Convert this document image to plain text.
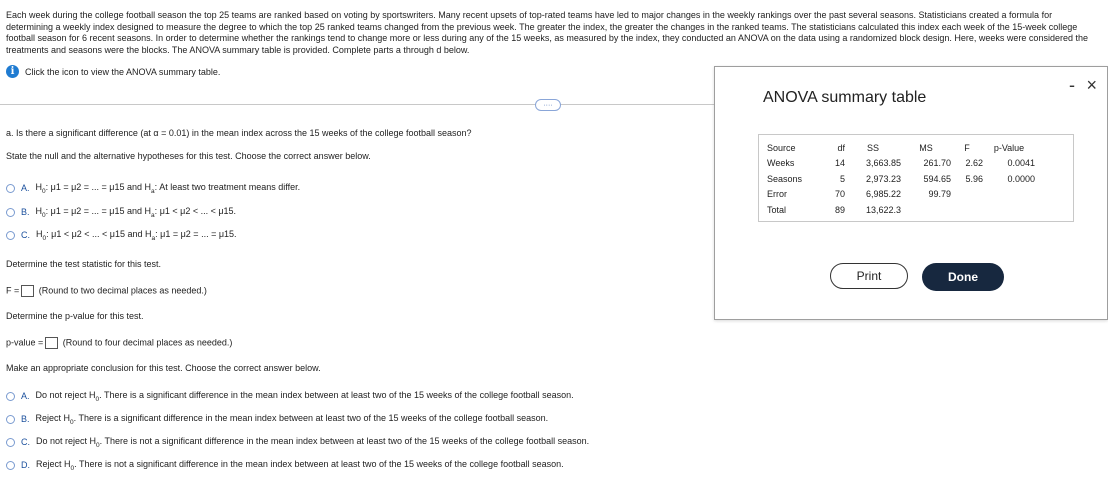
Each week during the college football season the top 25 teams are ranked based on voting by sportswriters. Many recent upsets of top-rated teams have led to major changes in the weekly rankings over the past several seasons. Statisticians created a formula for determining a weekly index designed to measure the degree to which the top 25 ranked teams changed from the previous week. The greater the index, the greater the changes in the ranked teams. The statisticians calculated this index each week of the 15-week college football season for 6 recent seasons. In order to determine whether the rankings tend to change more or less during any of the 15 weeks, as measured by the index, they conducted an ANOVA on the data using a randomized block design. Here, weeks were considered the treatments and seasons were the blocks. The ANOVA summary table is provided. Complete parts a through d below.
i	Click the icon to view the ANOVA summary table.
····
a. Is there a significant difference (at α = 0.01) in the mean index across the 15 weeks of the college football season?
State the null and the alternative hypotheses for this test. Choose the correct answer below.
A. $H_0$: μ1 = μ2 = ... = μ15 and $H_a$: At least two treatment means differ.
B. $H_0$: μ1 = μ2 = ... = μ15 and $H_a$: μ1 < μ2 < ... < μ15.
C. $H_0$: μ1 < μ2 < ... < μ15 and $H_a$: μ1 = μ2 = ... = μ15.
Determine the test statistic for this test.
F = (Round to two decimal places as needed.)
Determine the p-value for this test.
p-value = (Round to four decimal places as needed.)
Make an appropriate conclusion for this test. Choose the correct answer below.
A. Do not reject $H_0$. There is a significant difference in the mean index between at least two of the 15 weeks of the college football season.
B. Reject $H_0$. There is a significant difference in the mean index between at least two of the 15 weeks of the college football season.
C. Do not reject $H_0$. There is not a significant difference in the mean index between at least two of the 15 weeks of the college football season.
D. Reject $H_0$. There is not a significant difference in the mean index between at least two of the 15 weeks of the college football season.
ANOVA summary table
- ×
Source	df	SS	MS	F	p-Value
Weeks	14	3,663.85	261.70	2.62	0.0041
Seasons	5	2,973.23	594.65	5.96	0.0000
Error	70	6,985.22	99.79		
Total	89	13,622.3			
Print	Done
